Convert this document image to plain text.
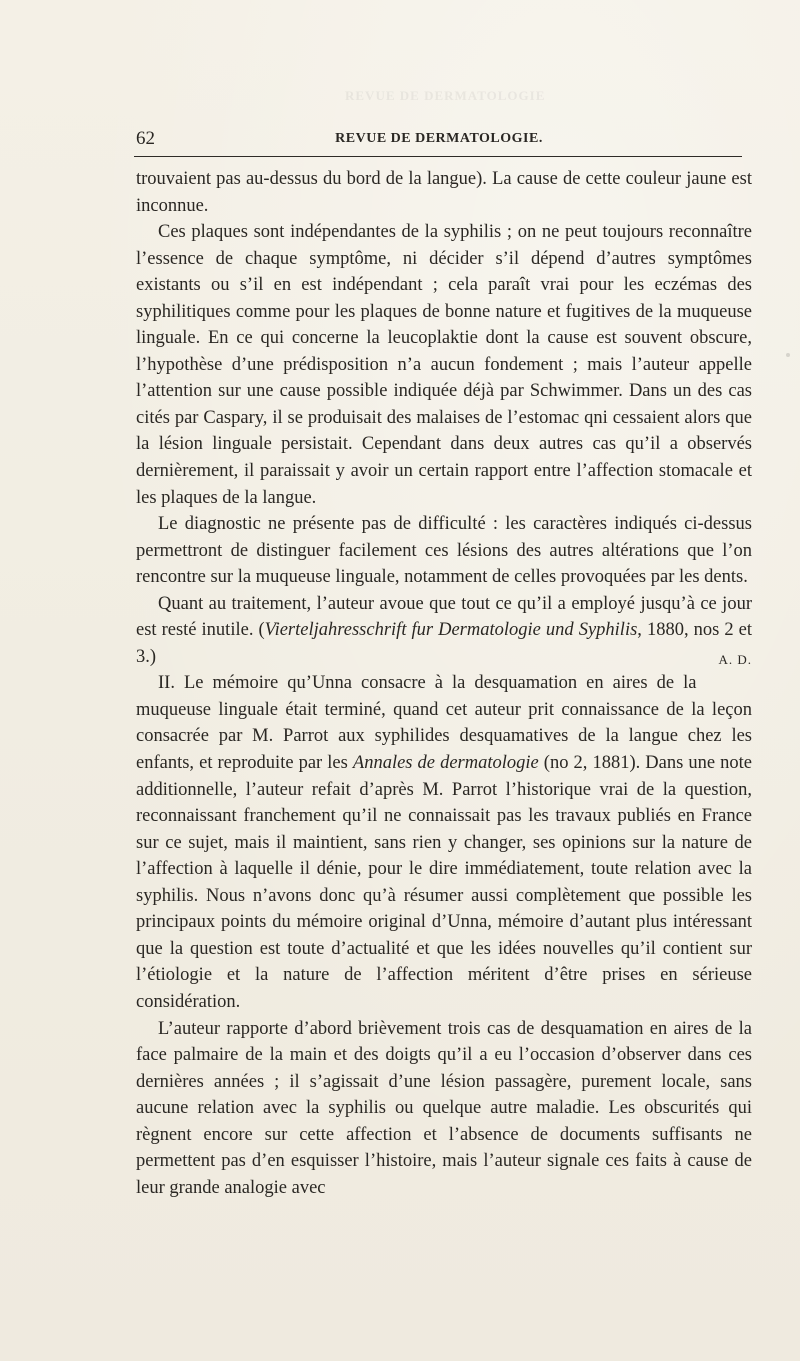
REVUE DE DERMATOLOGIE
62	REVUE DE DERMATOLOGIE.

trouvaient pas au-dessus du bord de la langue). La cause de cette couleur jaune est inconnue.

Ces plaques sont indépendantes de la syphilis ; on ne peut toujours reconnaître l’essence de chaque symptôme, ni décider s’il dépend d’autres symptômes existants ou s’il en est indépendant ; cela paraît vrai pour les eczémas des syphilitiques comme pour les plaques de bonne nature et fugitives de la muqueuse linguale. En ce qui concerne la leucoplaktie dont la cause est souvent obscure, l’hypothèse d’une prédisposition n’a aucun fondement ; mais l’auteur appelle l’attention sur une cause possible indiquée déjà par Schwimmer. Dans un des cas cités par Caspary, il se produisait des malaises de l’estomac qni cessaient alors que la lésion linguale persistait. Cependant dans deux autres cas qu’il a observés dernièrement, il paraissait y avoir un certain rapport entre l’affection stomacale et les plaques de la langue.

Le diagnostic ne présente pas de difficulté : les caractères indiqués ci-dessus permettront de distinguer facilement ces lésions des autres altérations que l’on rencontre sur la muqueuse linguale, notamment de celles provoquées par les dents.

Quant au traitement, l’auteur avoue que tout ce qu’il a employé jusqu’à ce jour est resté inutile. (Vierteljahresschrift fur Dermatologie und Syphilis, 1880, nos 2 et 3.)	A. D.

II. Le mémoire qu’Unna consacre à la desquamation en aires de la muqueuse linguale était terminé, quand cet auteur prit connaissance de la leçon consacrée par M. Parrot aux syphilides desquamatives de la langue chez les enfants, et reproduite par les Annales de dermatologie (no 2, 1881). Dans une note additionnelle, l’auteur refait d’après M. Parrot l’historique vrai de la question, reconnaissant franchement qu’il ne connaissait pas les travaux publiés en France sur ce sujet, mais il maintient, sans rien y changer, ses opinions sur la nature de l’affection à laquelle il dénie, pour le dire immédiatement, toute relation avec la syphilis. Nous n’avons donc qu’à résumer aussi complètement que possible les principaux points du mémoire original d’Unna, mémoire d’autant plus intéressant que la question est toute d’actualité et que les idées nouvelles qu’il contient sur l’étiologie et la nature de l’affection méritent d’être prises en sérieuse considération.

L’auteur rapporte d’abord brièvement trois cas de desquamation en aires de la face palmaire de la main et des doigts qu’il a eu l’occasion d’observer dans ces dernières années ; il s’agissait d’une lésion passagère, purement locale, sans aucune relation avec la syphilis ou quelque autre maladie. Les obscurités qui règnent encore sur cette affection et l’absence de documents suffisants ne permettent pas d’en esquisser l’histoire, mais l’auteur signale ces faits à cause de leur grande analogie avec
